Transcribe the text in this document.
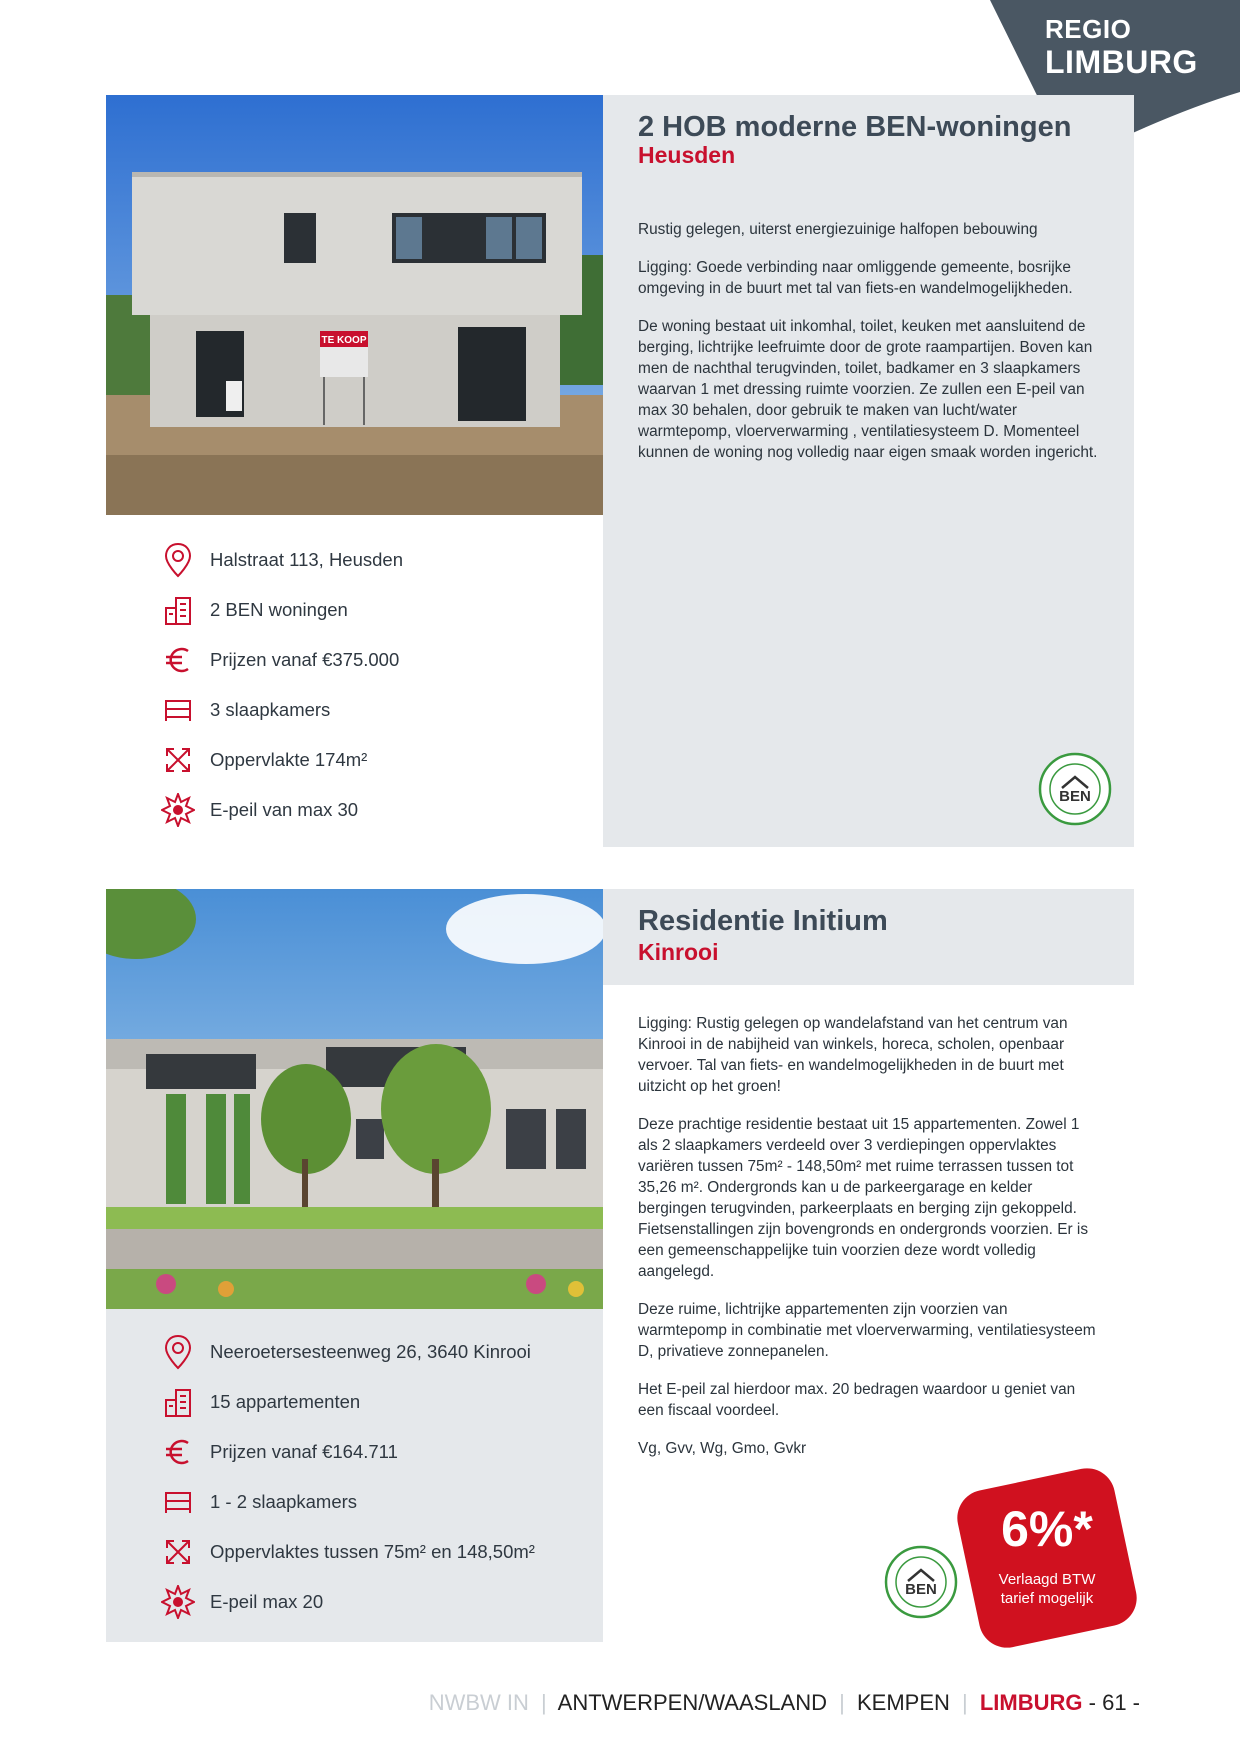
REGIO
LIMBURG
TE KOOP
2 HOB moderne BEN-woningen
Heusden

Rustig gelegen, uiterst energiezuinige halfopen bebouwing

Ligging: Goede verbinding naar omliggende gemeente, bosrijke omgeving in de buurt met tal van fiets-en wandelmogelijkheden.

De woning bestaat uit inkomhal, toilet, keuken met aansluitend de berging, lichtrijke leefruimte door de grote raampartijen. Boven kan men de nachthal terugvinden, toilet, badkamer en 3 slaapkamers waarvan 1 met dressing ruimte voorzien. Ze zullen een E-peil van max 30 behalen, door gebruik te maken van lucht/water warmtepomp, vloerverwarming , ventilatiesysteem D. Momenteel kunnen de woning nog volledig naar eigen smaak worden ingericht.

Halstraat 113, Heusden
2 BEN woningen
Prijzen vanaf €375.000
3 slaapkamers
Oppervlakte 174m²
E-peil van max 30
BEN
Residentie Initium
Kinrooi

Ligging: Rustig gelegen op wandelafstand van het centrum van Kinrooi in de nabijheid van winkels, horeca, scholen, openbaar vervoer. Tal van fiets- en wandelmogelijkheden in de buurt met uitzicht op het groen!

Deze prachtige residentie bestaat uit 15 appartementen. Zowel 1 als 2 slaapkamers verdeeld over 3 verdiepingen oppervlaktes variëren tussen 75m² - 148,50m² met ruime terrassen tussen tot 35,26 m². Ondergronds kan u de parkeergarage en kelder bergingen terugvinden, parkeerplaats en berging zijn gekoppeld. Fietsenstallingen zijn bovengronds en ondergronds voorzien. Er is een gemeenschappelijke tuin voorzien deze wordt volledig aangelegd.

Deze ruime, lichtrijke appartementen zijn voorzien van warmtepomp in combinatie met vloerverwarming, ventilatiesysteem D, privatieve zonnepanelen.

Het E-peil zal hierdoor max. 20 bedragen waardoor u geniet van een fiscaal voordeel.

Vg, Gvv, Wg, Gmo, Gvkr

Neeroetersesteenweg 26, 3640 Kinrooi
15 appartementen
Prijzen vanaf €164.711
1 - 2 slaapkamers
Oppervlaktes tussen 75m² en 148,50m²
E-peil max 20
BEN
6%*
Verlaagd BTW
tarief mogelijk
NWBW IN | ANTWERPEN/WAASLAND | KEMPEN | LIMBURG - 61 -
